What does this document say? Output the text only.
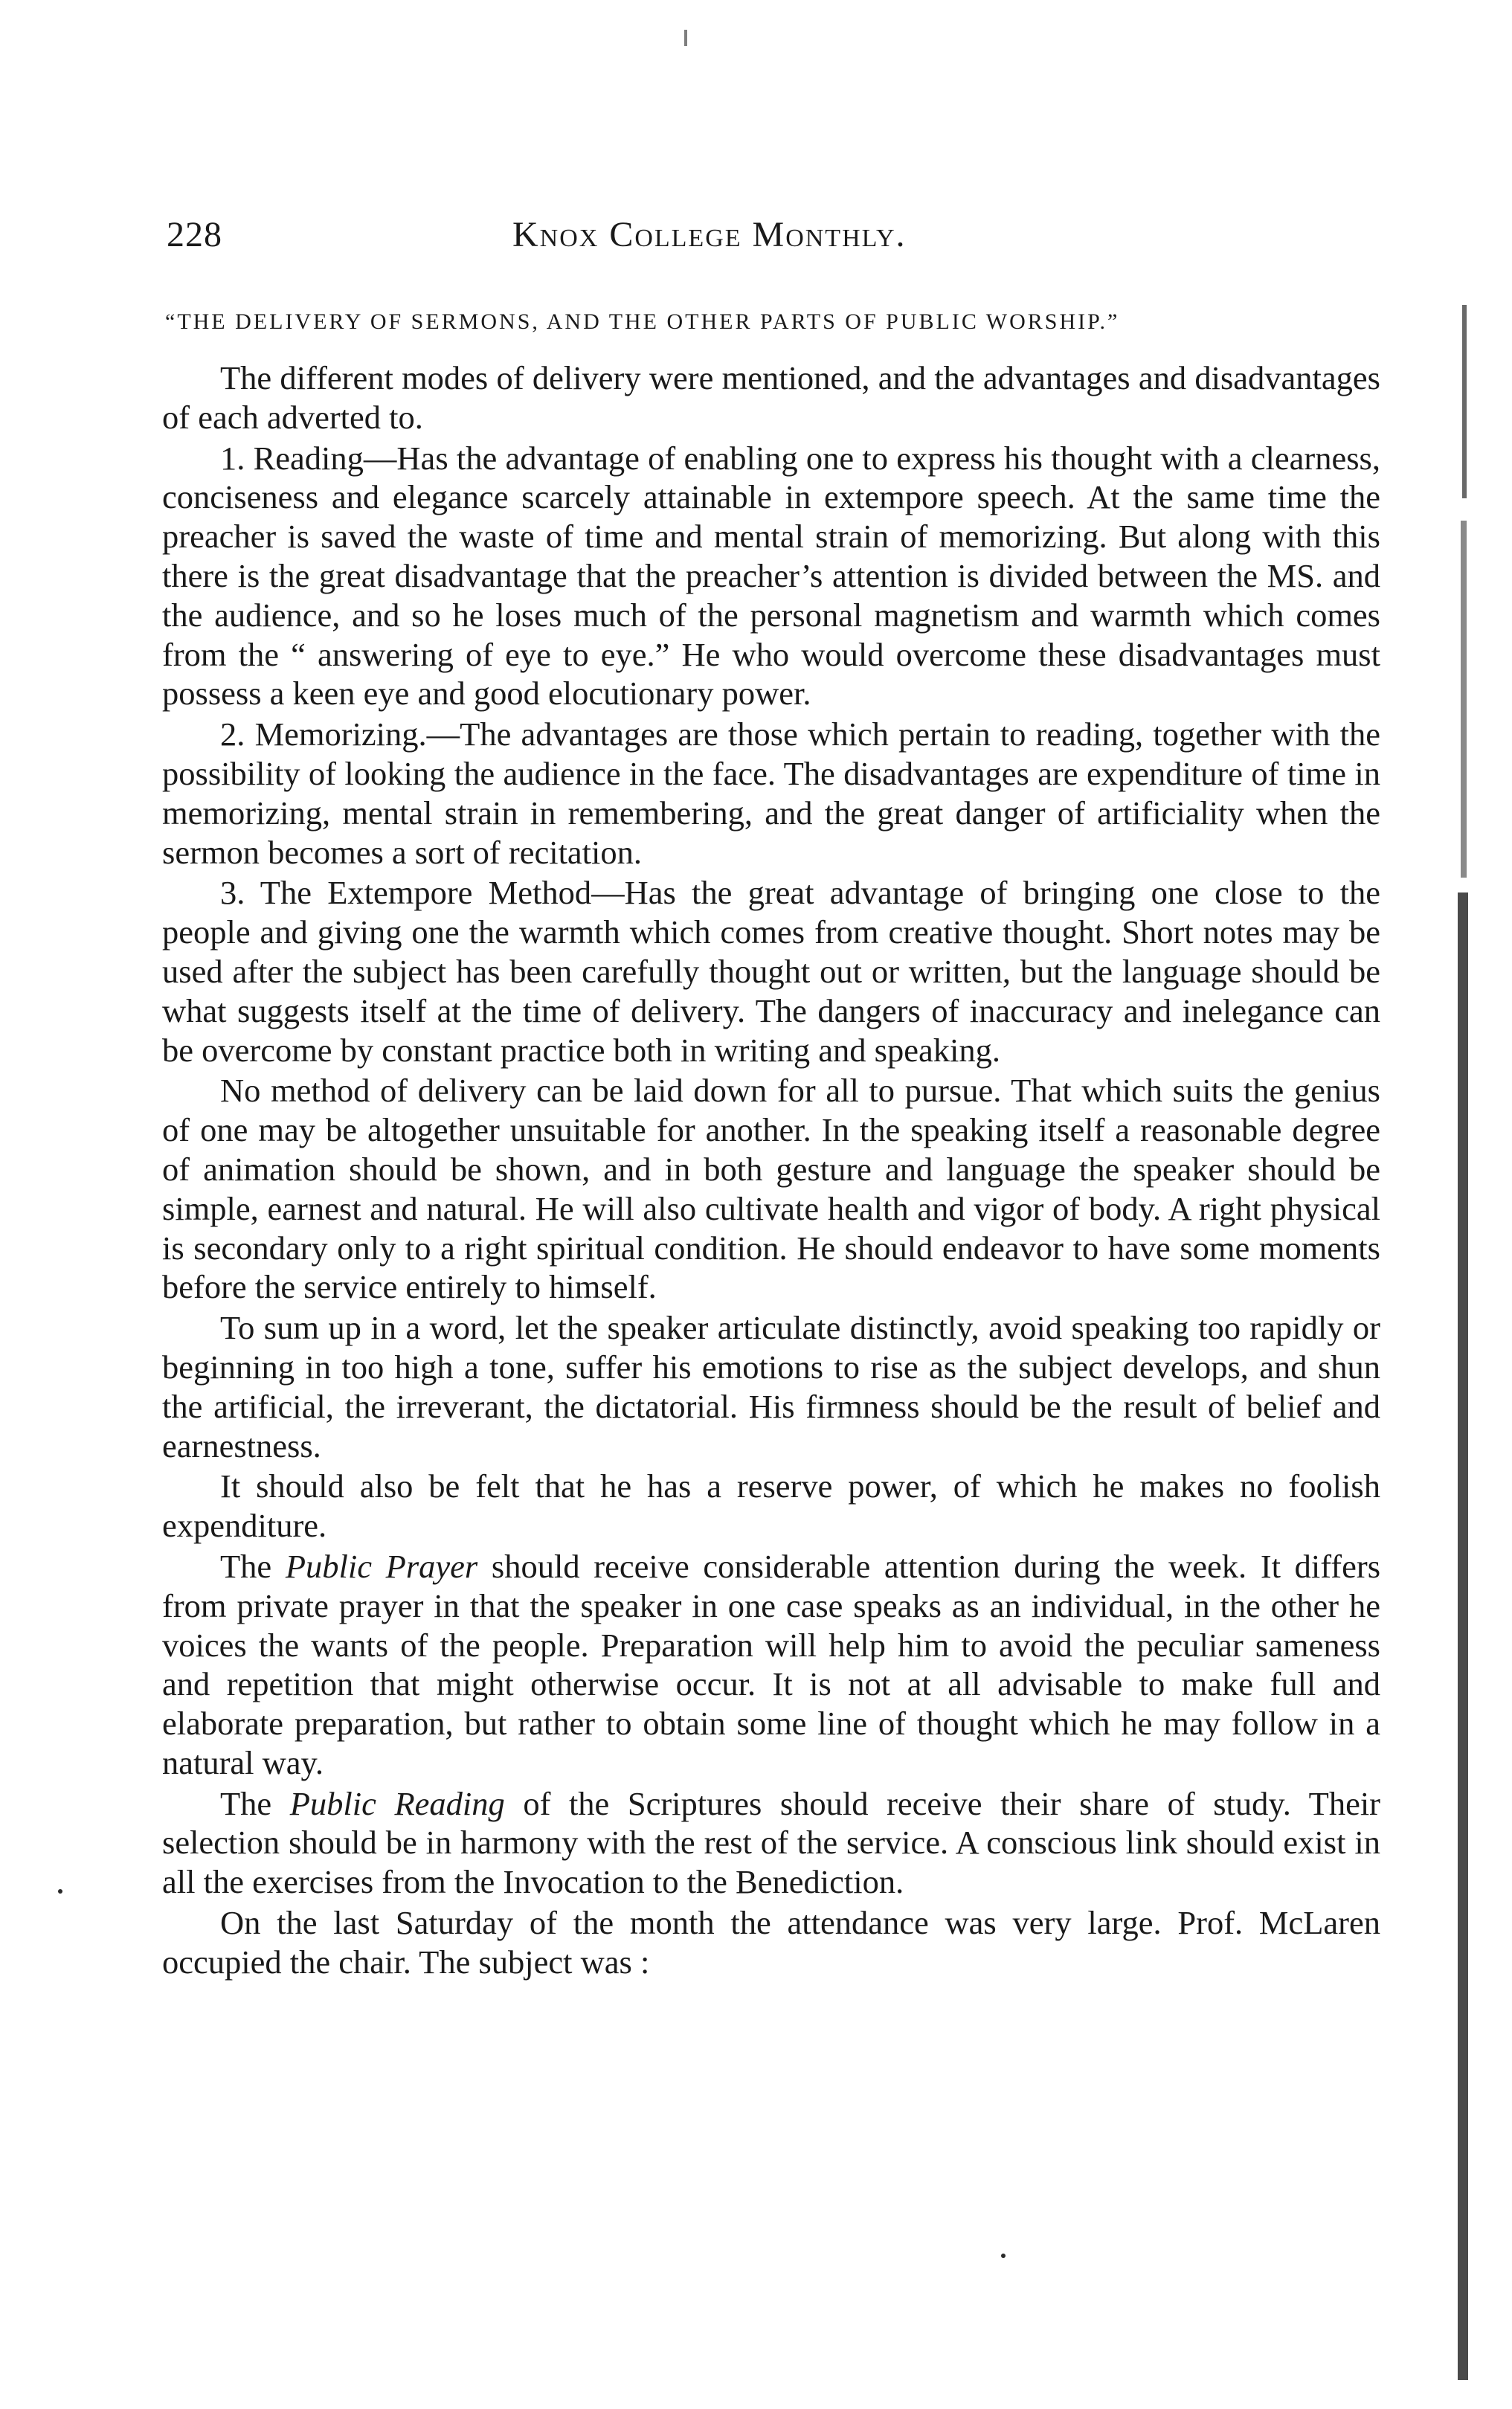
228	Knox College Monthly.
“THE DELIVERY OF SERMONS, AND THE OTHER PARTS OF PUBLIC WORSHIP.”

The different modes of delivery were mentioned, and the advantages and disadvantages of each adverted to.

1. Reading—Has the advantage of enabling one to express his thought with a clearness, conciseness and elegance scarcely attainable in extempore speech. At the same time the preacher is saved the waste of time and mental strain of memorizing. But along with this there is the great disadvantage that the preacher’s attention is divided between the MS. and the audience, and so he loses much of the personal magnetism and warmth which comes from the “ answering of eye to eye.” He who would overcome these disadvantages must possess a keen eye and good elocutionary power.

2. Memorizing.—The advantages are those which pertain to reading, together with the possibility of looking the audience in the face. The disadvantages are expenditure of time in memorizing, mental strain in remembering, and the great danger of artificiality when the sermon becomes a sort of recitation.

3. The Extempore Method—Has the great advantage of bringing one close to the people and giving one the warmth which comes from creative thought. Short notes may be used after the subject has been carefully thought out or written, but the language should be what suggests itself at the time of delivery. The dangers of inaccuracy and inelegance can be overcome by constant practice both in writing and speaking.

No method of delivery can be laid down for all to pursue. That which suits the genius of one may be altogether unsuitable for another. In the speaking itself a reasonable degree of animation should be shown, and in both gesture and language the speaker should be simple, earnest and natural. He will also cultivate health and vigor of body. A right physical is secondary only to a right spiritual condition. He should endeavor to have some moments before the service entirely to himself.

To sum up in a word, let the speaker articulate distinctly, avoid speaking too rapidly or beginning in too high a tone, suffer his emotions to rise as the subject develops, and shun the artificial, the irreverant, the dictatorial. His firmness should be the result of belief and earnestness.

It should also be felt that he has a reserve power, of which he makes no foolish expenditure.

The Public Prayer should receive considerable attention during the week. It differs from private prayer in that the speaker in one case speaks as an individual, in the other he voices the wants of the people. Preparation will help him to avoid the peculiar sameness and repetition that might otherwise occur. It is not at all advisable to make full and elaborate preparation, but rather to obtain some line of thought which he may follow in a natural way.

The Public Reading of the Scriptures should receive their share of study. Their selection should be in harmony with the rest of the service. A conscious link should exist in all the exercises from the Invocation to the Benediction.

On the last Saturday of the month the attendance was very large. Prof. McLaren occupied the chair. The subject was :
